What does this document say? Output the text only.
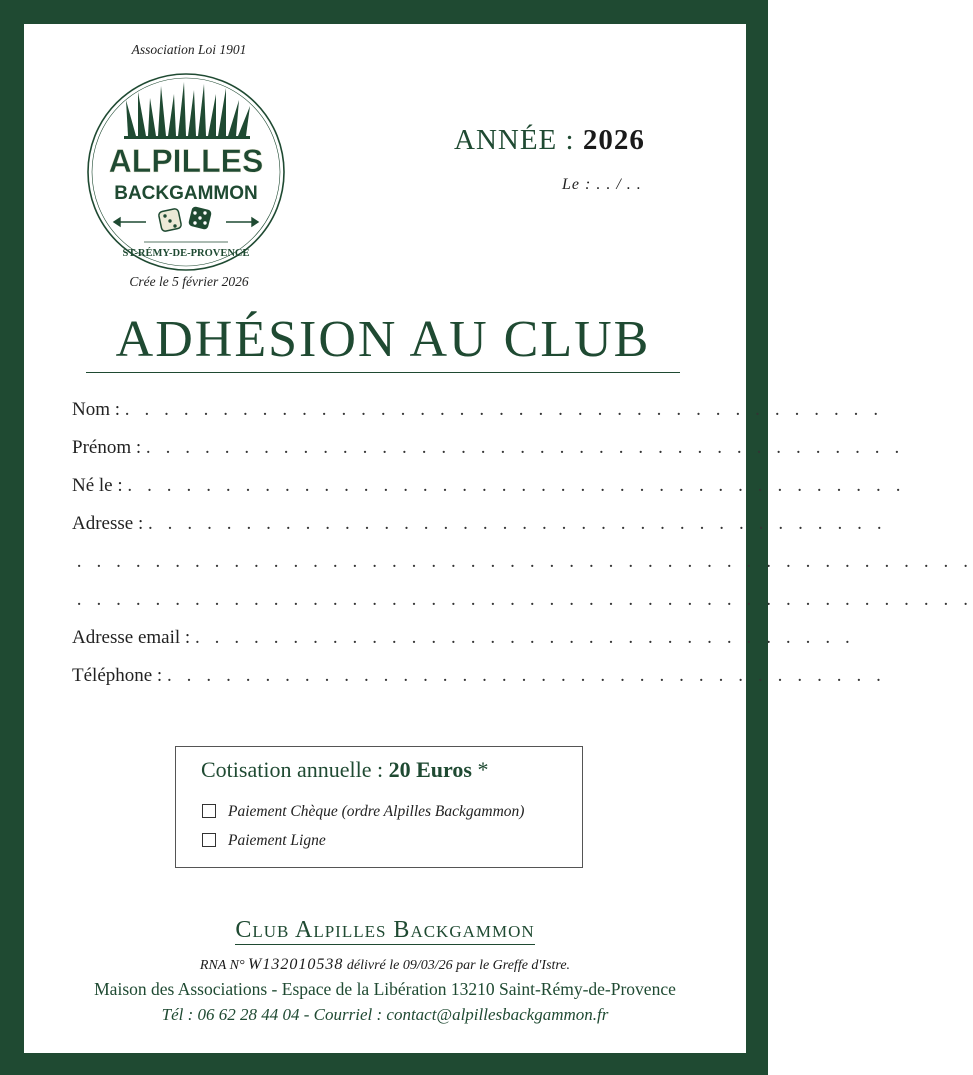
Association Loi 1901
ALPILLES
BACKGAMMON
ST-RÉMY-DE-PROVENCE
Crée le 5 février 2026
ANNÉE : 2026
Le : . . / . .
ADHÉSION AU CLUB
Nom : . . . . . . . . . . . . . . . . . . . . . . . . . . . . . . . . . . . . . . .
Prénom : . . . . . . . . . . . . . . . . . . . . . . . . . . . . . . . . . . . . . . .
Né le : . . . . . . . . . . . . . . . . . . . . . . . . . . . . . . . . . . . . . . . .
Adresse : . . . . . . . . . . . . . . . . . . . . . . . . . . . . . . . . . . . . . .
. . . . . . . . . . . . . . . . . . . . . . . . . . . . . . . . . . . . . . . . . . . . . .
. . . . . . . . . . . . . . . . . . . . . . . . . . . . . . . . . . . . . . . . . . . . . .
Adresse email : . . . . . . . . . . . . . . . . . . . . . . . . . . . . . . . . . .
Téléphone : . . . . . . . . . . . . . . . . . . . . . . . . . . . . . . . . . . . . .
Cotisation annuelle : 20 Euros *
Paiement Chèque (ordre Alpilles Backgammon)
Paiement Ligne
Club Alpilles Backgammon
RNA N° W132010538 délivré le 09/03/26 par le Greffe d'Istre.
Maison des Associations - Espace de la Libération 13210 Saint-Rémy-de-Provence
Tél : 06 62 28 44 04 - Courriel : contact@alpillesbackgammon.fr
